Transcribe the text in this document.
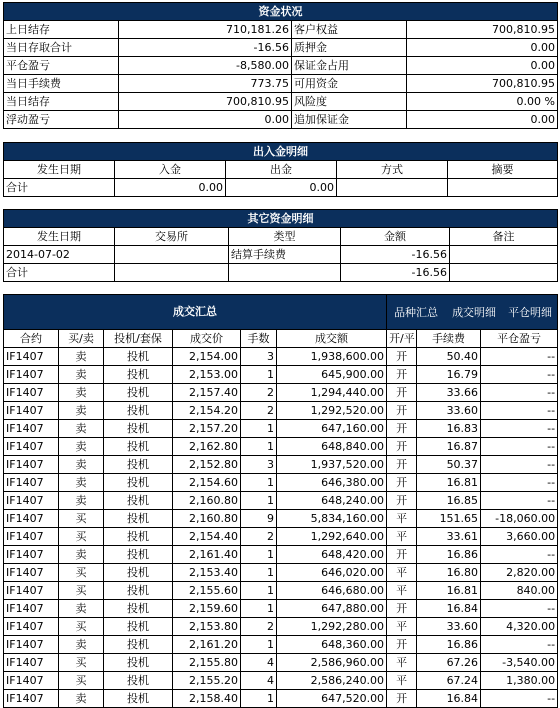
资金状况			
上日结存	710,181.26	客户权益	700,810.95
当日存取合计	-16.56	质押金	0.00
平仓盈亏	-8,580.00	保证金占用	0.00
当日手续费	773.75	可用资金	700,810.95
当日结存	700,810.95	风险度	0.00 %
浮动盈亏	0.00	追加保证金	0.00
出入金明细				
发生日期	入金	出金	方式	摘要
合计	0.00	0.00		
其它资金明细				
发生日期	交易所	类型	金额	备注
2014-07-02		结算手续费	-16.56	
合计			-16.56	
成交汇总						品种汇总 成交明细 平仓明细		

合约	买/卖	投机/套保	成交价	手数	成交额	开/平	手续费	平仓盈亏
IF1407	卖	投机	2,154.00	3	1,938,600.00	开	50.40	--
IF1407	卖	投机	2,153.00	1	645,900.00	开	16.79	--
IF1407	卖	投机	2,157.40	2	1,294,440.00	开	33.66	--
IF1407	卖	投机	2,154.20	2	1,292,520.00	开	33.60	--
IF1407	卖	投机	2,157.20	1	647,160.00	开	16.83	--
IF1407	卖	投机	2,162.80	1	648,840.00	开	16.87	--
IF1407	卖	投机	2,152.80	3	1,937,520.00	开	50.37	--
IF1407	卖	投机	2,154.60	1	646,380.00	开	16.81	--
IF1407	卖	投机	2,160.80	1	648,240.00	开	16.85	--
IF1407	买	投机	2,160.80	9	5,834,160.00	平	151.65	-18,060.00
IF1407	买	投机	2,154.40	2	1,292,640.00	平	33.61	3,660.00
IF1407	卖	投机	2,161.40	1	648,420.00	开	16.86	--
IF1407	买	投机	2,153.40	1	646,020.00	平	16.80	2,820.00
IF1407	买	投机	2,155.60	1	646,680.00	平	16.81	840.00
IF1407	卖	投机	2,159.60	1	647,880.00	开	16.84	--
IF1407	买	投机	2,153.80	2	1,292,280.00	平	33.60	4,320.00
IF1407	卖	投机	2,161.20	1	648,360.00	开	16.86	--
IF1407	买	投机	2,155.80	4	2,586,960.00	平	67.26	-3,540.00
IF1407	买	投机	2,155.20	4	2,586,240.00	平	67.24	1,380.00
IF1407	卖	投机	2,158.40	1	647,520.00	开	16.84	--
